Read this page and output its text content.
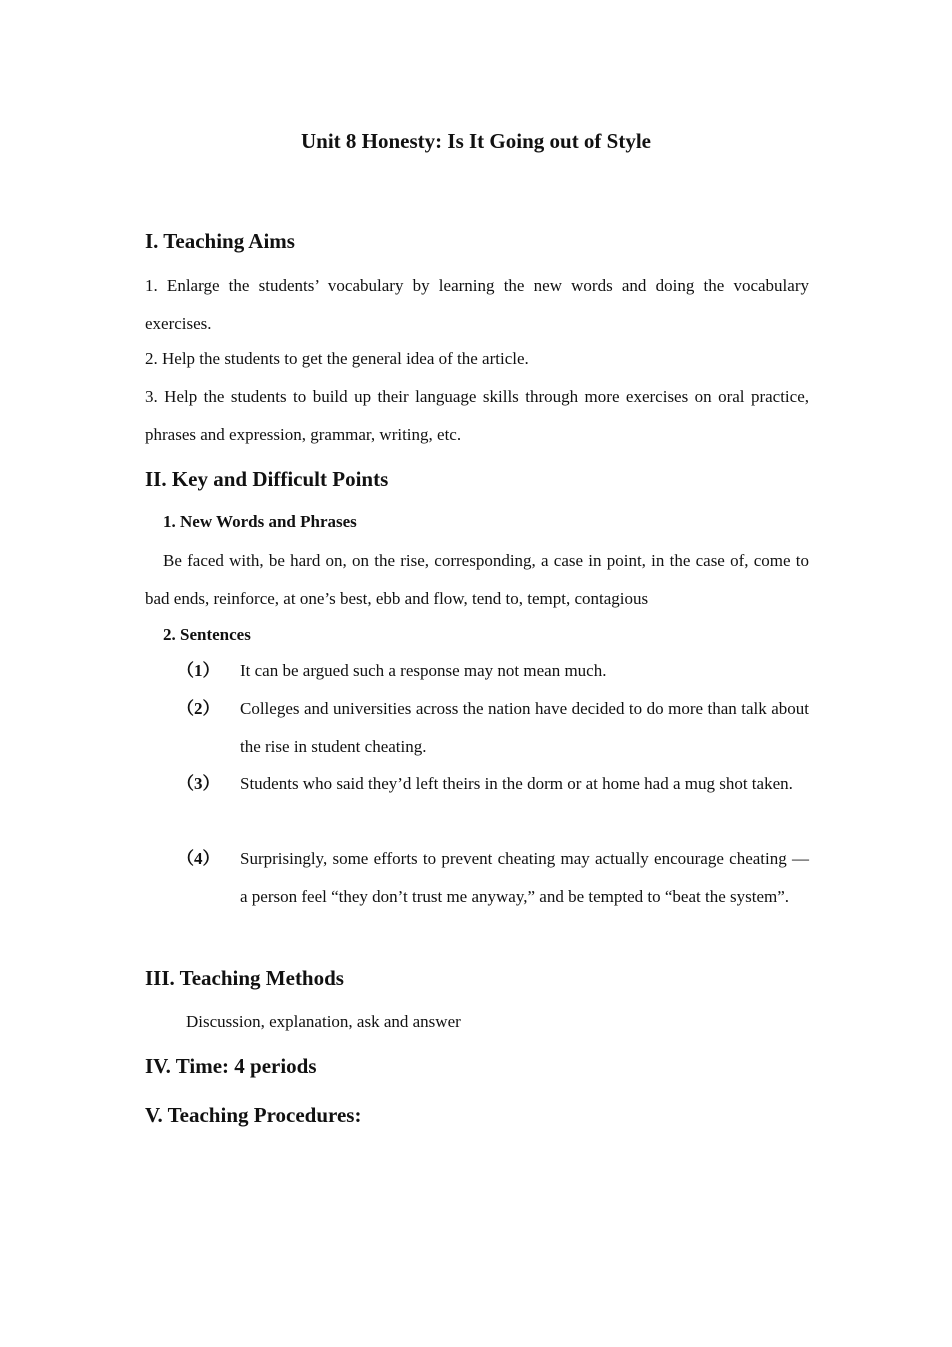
Unit 8 Honesty: Is It Going out of Style
I. Teaching Aims
1. Enlarge the students’ vocabulary by learning the new words and doing the vocabulary exercises.
2. Help the students to get the general idea of the article.
3. Help the students to build up their language skills through more exercises on oral practice, phrases and expression, grammar, writing, etc.
II. Key and Difficult Points
1. New Words and Phrases
Be faced with, be hard on, on the rise, corresponding, a case in point, in the case of, come to bad ends, reinforce, at one’s best, ebb and flow, tend to, tempt, contagious
2. Sentences
（1） It can be argued such a response may not mean much.
（2） Colleges and universities across the nation have decided to do more than talk about the rise in student cheating.
（3） Students who said they’d left theirs in the dorm or at home had a mug shot taken.
（4） Surprisingly, some efforts to prevent cheating may actually encourage cheating — a person feel “they don’t trust me anyway,” and be tempted to “beat the system”.
III. Teaching Methods
Discussion, explanation, ask and answer
IV. Time: 4 periods
V. Teaching Procedures:
